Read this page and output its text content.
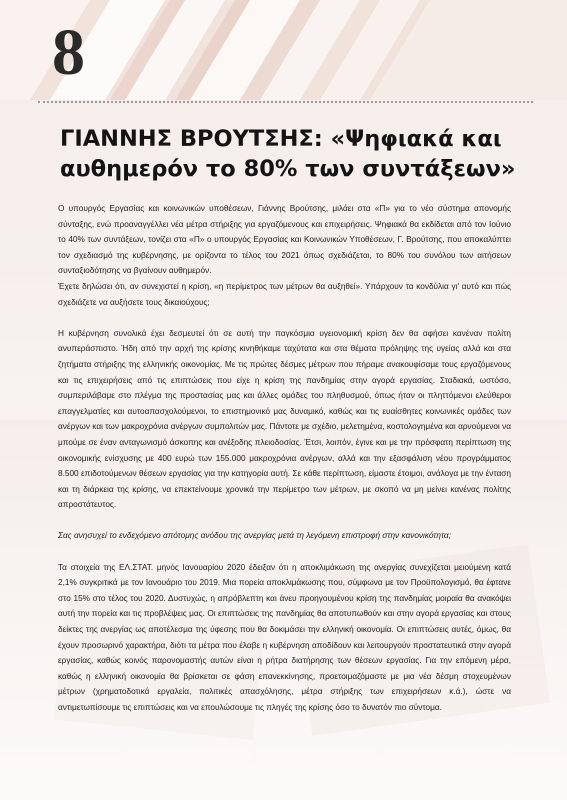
8
ΓΙΑΝΝΗΣ ΒΡΟΥΤΣΗΣ: «Ψηφιακά και αυθημερόν το 80% των συντάξεων»

Ο υπουργός Εργασίας και κοινωνικών υποθέσεων, Γιάννης Βρούτσης, μιλάει στα «Π» για το νέο σύστημα απονομής σύνταξης, ενώ προαναγγέλλει νέα μέτρα στήριξης για εργαζόμενους και επιχειρήσεις. Ψηφιακά θα εκδίδεται από τον Ιούνιο το 40% των συντάξεων, τονίζει στα «Π» ο υπουργός Εργασίας και Κοινωνικών Υποθέσεων, Γ. Βρούτσης, που αποκαλύπτει τον σχεδιασμό της κυβέρνησης, με ορίζοντα το τέλος του 2021 όπως σχεδιάζεται, το 80% του συνόλου των αιτήσεων συνταξιοδότησης να βγαίνουν αυθημερόν.

Έχετε δηλώσει ότι, αν συνεχιστεί η κρίση, «η περίμετρος των μέτρων θα αυξηθεί». Υπάρχουν τα κονδύλια γι' αυτό και πώς σχεδιάζετε να αυξήσετε τους δικαιούχους;

Η κυβέρνηση συνολικά έχει δεσμευτεί ότι σε αυτή την παγκόσμια υγειονομική κρίση δεν θα αφήσει κανέναν πολίτη ανυπεράσπιστο. Ήδη από την αρχή της κρίσης κινηθήκαμε ταχύτατα και στα θέματα πρόληψης της υγείας αλλά και στα ζητήματα στήριξης της ελληνικής οικονομίας. Με τις πρώτες δέσμες μέτρων που πήραμε ανακουφίσαμε τους εργαζόμενους και τις επιχειρήσεις από τις επιπτώσεις που είχε η κρίση της πανδημίας στην αγορά εργασίας. Σταδιακά, ωστόσο, συμπεριλάβαμε στο πλέγμα της προστασίας μας και άλλες ομάδες του πληθυσμού, όπως ήταν οι πληττόμενοι ελεύθεροι επαγγελματίες και αυτοαπασχολούμενοι, το επιστημονικό μας δυναμικό, καθώς και τις ευαίσθητες κοινωνικές ομάδες των ανέργων και των μακροχρόνια ανέργων συμπολιτών μας. Πάντοτε με σχέδιο, μελετημένα, κοστολογημένα και αρνούμενοι να μπούμε σε έναν ανταγωνισμό άσκοπης και ανέξοδης πλειοδοσίας. Έτσι, λοιπόν, έγινε και με την πρόσφατη περίπτωση της οικονομικής ενίσχυσης με 400 ευρώ των 155.000 μακροχρόνια ανέργων, αλλά και την εξασφάλιση νέου προγράμματος 8.500 επιδοτούμενων θέσεων εργασίας για την κατηγορία αυτή. Σε κάθε περίπτωση, είμαστε έτοιμοι, ανάλογα με την ένταση και τη διάρκεια της κρίσης, να επεκτείνουμε χρονικά την περίμετρο των μέτρων, με σκοπό να μη μείνει κανένας πολίτης απροστάτευτος.

Σας ανησυχεί το ενδεχόμενο απότομης ανόδου της ανεργίας μετά τη λεγόμενη επιστροφή στην κανονικότητα;

Τα στοιχεία της ΕΛ.ΣΤΑΤ. μηνός Ιανουαρίου 2020 έδειξαν ότι η αποκλιμάκωση της ανεργίας συνεχίζεται μειούμενη κατά 2,1% συγκριτικά με τον Ιανουάριο του 2019. Μια πορεία αποκλιμάκωσης που, σύμφωνα με τον Προϋπολογισμό, θα έφτανε στο 15% στο τέλος του 2020. Δυστυχώς, η απρόβλεπτη και άνευ προηγουμένου κρίση της πανδημίας μοιραία θα ανακόψει αυτή την πορεία και τις προβλέψεις μας. Οι επιπτώσεις της πανδημίας θα αποτυπωθούν και στην αγορά εργασίας και στους δείκτες της ανεργίας ως αποτέλεσμα της ύφεσης που θα δοκιμάσει την ελληνική οικονομία. Οι επιπτώσεις αυτές, όμως, θα έχουν προσωρινό χαρακτήρα, διότι τα μέτρα που έλαβε η κυβέρνηση αποδίδουν και λειτουργούν προστατευτικά στην αγορά εργασίας, καθώς κοινός παρονομαστής αυτών είναι η ρήτρα διατήρησης των θέσεων εργασίας. Για την επόμενη μέρα, καθώς η ελληνική οικονομία θα βρίσκεται σε φάση επανεκκίνησης, προετοιμαζόμαστε με μια νέα δέσμη στοχευμένων μέτρων (χρηματοδοτικά εργαλεία, πολιτικές απασχόλησης, μέτρα στήριξης των επιχειρήσεων κ.ά.), ώστε να αντιμετωπίσουμε τις επιπτώσεις και να επουλώσουμε τις πληγές της κρίσης όσο το δυνατόν πιο σύντομα.
